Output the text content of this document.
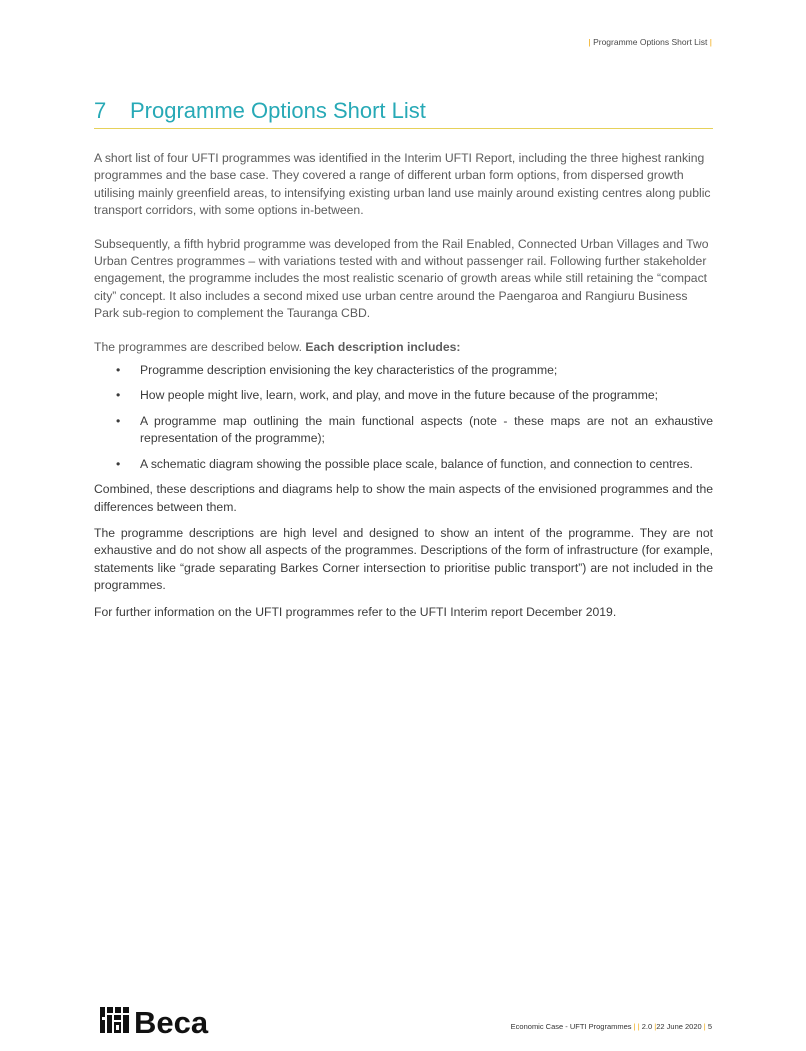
| Programme Options Short List |
7 Programme Options Short List

A short list of four UFTI programmes was identified in the Interim UFTI Report, including the three highest ranking programmes and the base case. They covered a range of different urban form options, from dispersed growth utilising mainly greenfield areas, to intensifying existing urban land use mainly around existing centres along public transport corridors, with some options in-between.

Subsequently, a fifth hybrid programme was developed from the Rail Enabled, Connected Urban Villages and Two Urban Centres programmes – with variations tested with and without passenger rail. Following further stakeholder engagement, the programme includes the most realistic scenario of growth areas while still retaining the “compact city” concept. It also includes a second mixed use urban centre around the Paengaroa and Rangiuru Business Park sub-region to complement the Tauranga CBD.

The programmes are described below. Each description includes:

• Programme description envisioning the key characteristics of the programme;
• How people might live, learn, work, and play, and move in the future because of the programme;
• A programme map outlining the main functional aspects (note - these maps are not an exhaustive representation of the programme);
• A schematic diagram showing the possible place scale, balance of function, and connection to centres.

Combined, these descriptions and diagrams help to show the main aspects of the envisioned programmes and the differences between them.

The programme descriptions are high level and designed to show an intent of the programme. They are not exhaustive and do not show all aspects of the programmes. Descriptions of the form of infrastructure (for example, statements like “grade separating Barkes Corner intersection to prioritise public transport”) are not included in the programmes.

For further information on the UFTI programmes refer to the UFTI Interim report December 2019.

Beca	Economic Case - UFTI Programmes | | 2.0 |22 June 2020 | 5
